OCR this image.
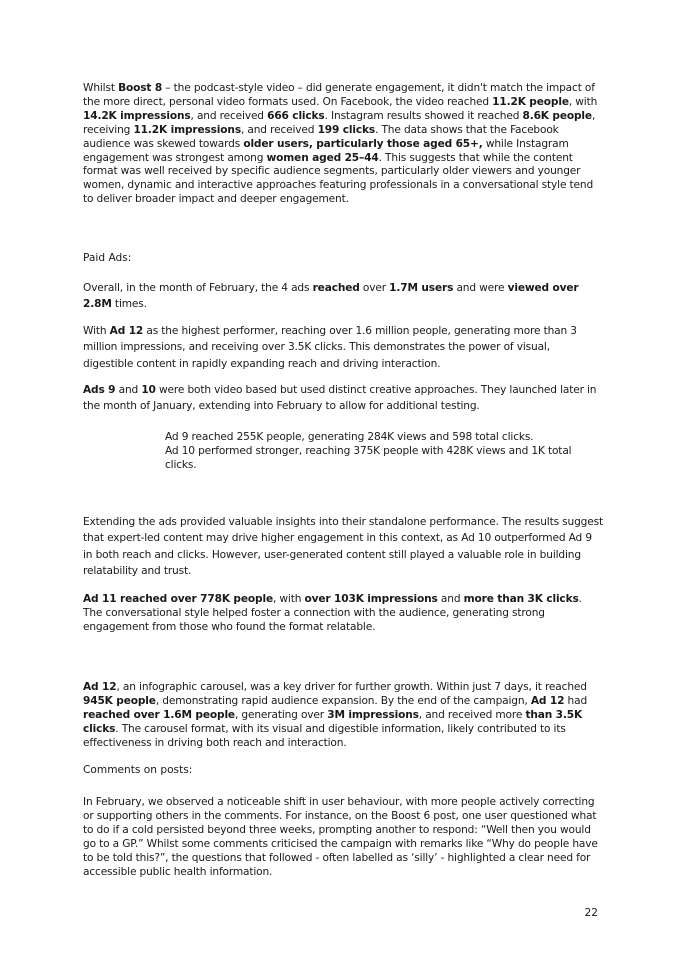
Whilst Boost 8 – the podcast-style video – did generate engagement, it didn't match the impact of the more direct, personal video formats used. On Facebook, the video reached 11.2K people, with 14.2K impressions, and received 666 clicks. Instagram results showed it reached 8.6K people, receiving 11.2K impressions, and received 199 clicks. The data shows that the Facebook audience was skewed towards older users, particularly those aged 65+, while Instagram engagement was strongest among women aged 25–44. This suggests that while the content format was well received by specific audience segments, particularly older viewers and younger women, dynamic and interactive approaches featuring professionals in a conversational style tend to deliver broader impact and deeper engagement.

Paid Ads:

Overall, in the month of February, the 4 ads reached over 1.7M users and were viewed over 2.8M times.

With Ad 12 as the highest performer, reaching over 1.6 million people, generating more than 3 million impressions, and receiving over 3.5K clicks. This demonstrates the power of visual, digestible content in rapidly expanding reach and driving interaction.

Ads 9 and 10 were both video based but used distinct creative approaches. They launched later in the month of January, extending into February to allow for additional testing.

Ad 9 reached 255K people, generating 284K views and 598 total clicks.
Ad 10 performed stronger, reaching 375K people with 428K views and 1K total clicks.

Extending the ads provided valuable insights into their standalone performance. The results suggest that expert-led content may drive higher engagement in this context, as Ad 10 outperformed Ad 9 in both reach and clicks. However, user-generated content still played a valuable role in building relatability and trust.

Ad 11 reached over 778K people, with over 103K impressions and more than 3K clicks. The conversational style helped foster a connection with the audience, generating strong engagement from those who found the format relatable.

Ad 12, an infographic carousel, was a key driver for further growth. Within just 7 days, it reached 945K people, demonstrating rapid audience expansion. By the end of the campaign, Ad 12 had reached over 1.6M people, generating over 3M impressions, and received more than 3.5K clicks. The carousel format, with its visual and digestible information, likely contributed to its effectiveness in driving both reach and interaction.

Comments on posts:

In February, we observed a noticeable shift in user behaviour, with more people actively correcting or supporting others in the comments. For instance, on the Boost 6 post, one user questioned what to do if a cold persisted beyond three weeks, prompting another to respond: “Well then you would go to a GP.” Whilst some comments criticised the campaign with remarks like “Why do people have to be told this?”, the questions that followed - often labelled as ‘silly’ - highlighted a clear need for accessible public health information.

22
